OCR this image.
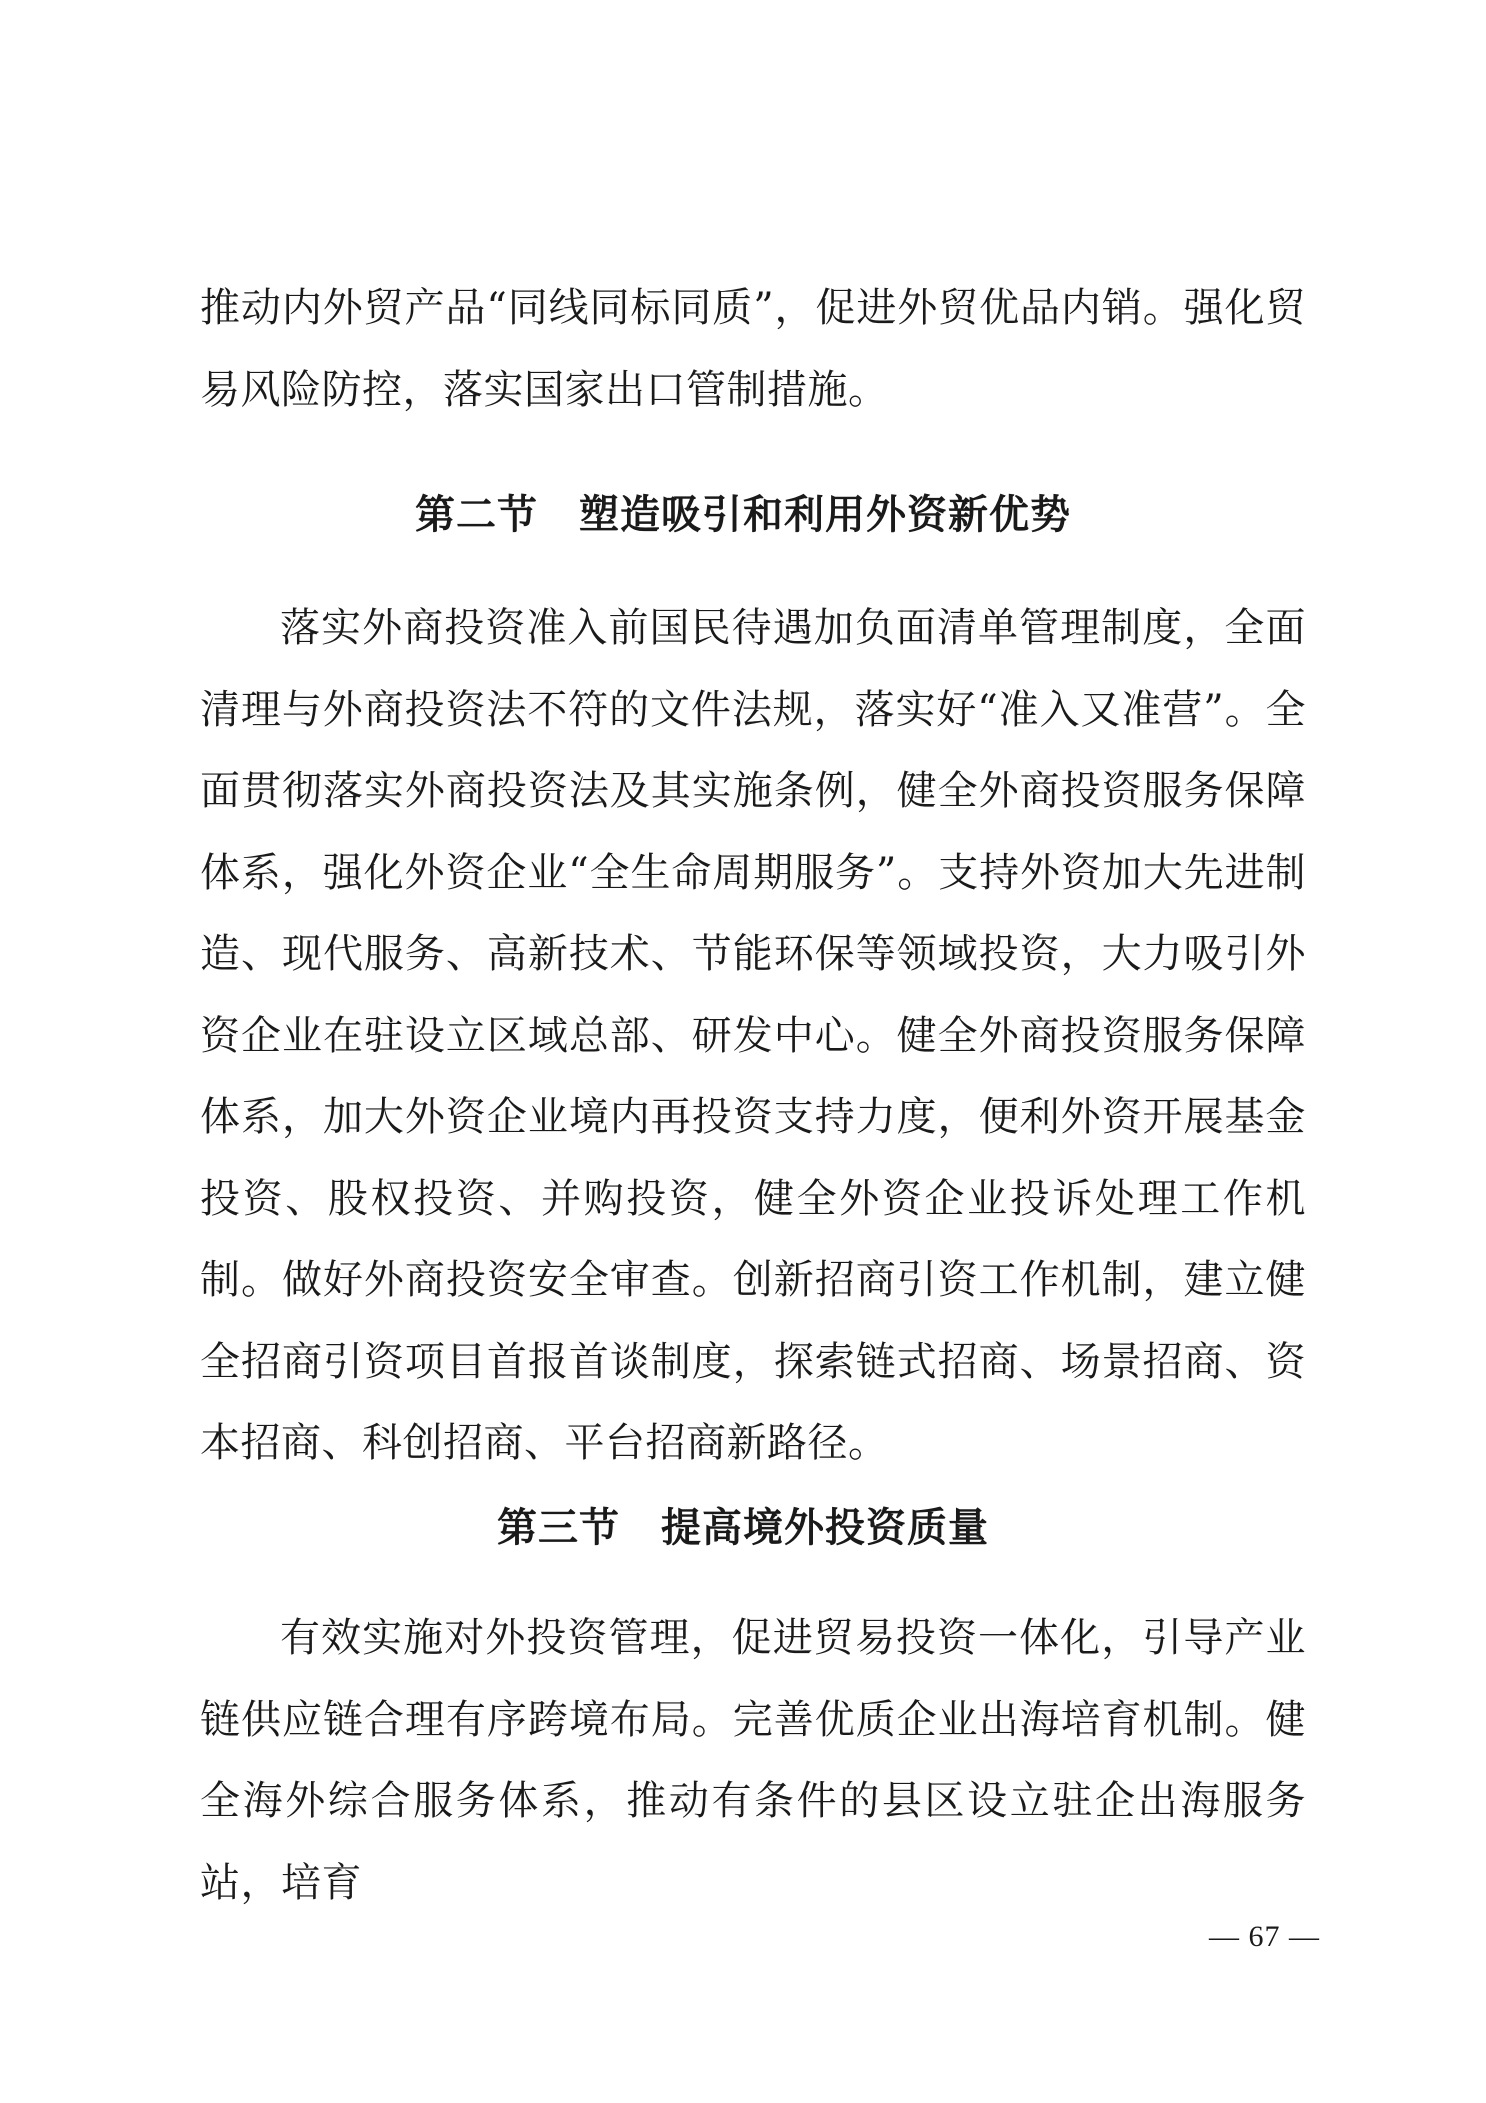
推动内外贸产品“同线同标同质”，促进外贸优品内销。强化贸易风险防控，落实国家出口管制措施。

第二节　塑造吸引和利用外资新优势

落实外商投资准入前国民待遇加负面清单管理制度，全面清理与外商投资法不符的文件法规，落实好“准入又准营”。全面贯彻落实外商投资法及其实施条例，健全外商投资服务保障体系，强化外资企业“全生命周期服务”。支持外资加大先进制造、现代服务、高新技术、节能环保等领域投资，大力吸引外资企业在驻设立区域总部、研发中心。健全外商投资服务保障体系，加大外资企业境内再投资支持力度，便利外资开展基金投资、股权投资、并购投资，健全外资企业投诉处理工作机制。做好外商投资安全审查。创新招商引资工作机制，建立健全招商引资项目首报首谈制度，探索链式招商、场景招商、资本招商、科创招商、平台招商新路径。

第三节　提高境外投资质量

有效实施对外投资管理，促进贸易投资一体化，引导产业链供应链合理有序跨境布局。完善优质企业出海培育机制。健全海外综合服务体系，推动有条件的县区设立驻企出海服务站，培育

— 67 —
